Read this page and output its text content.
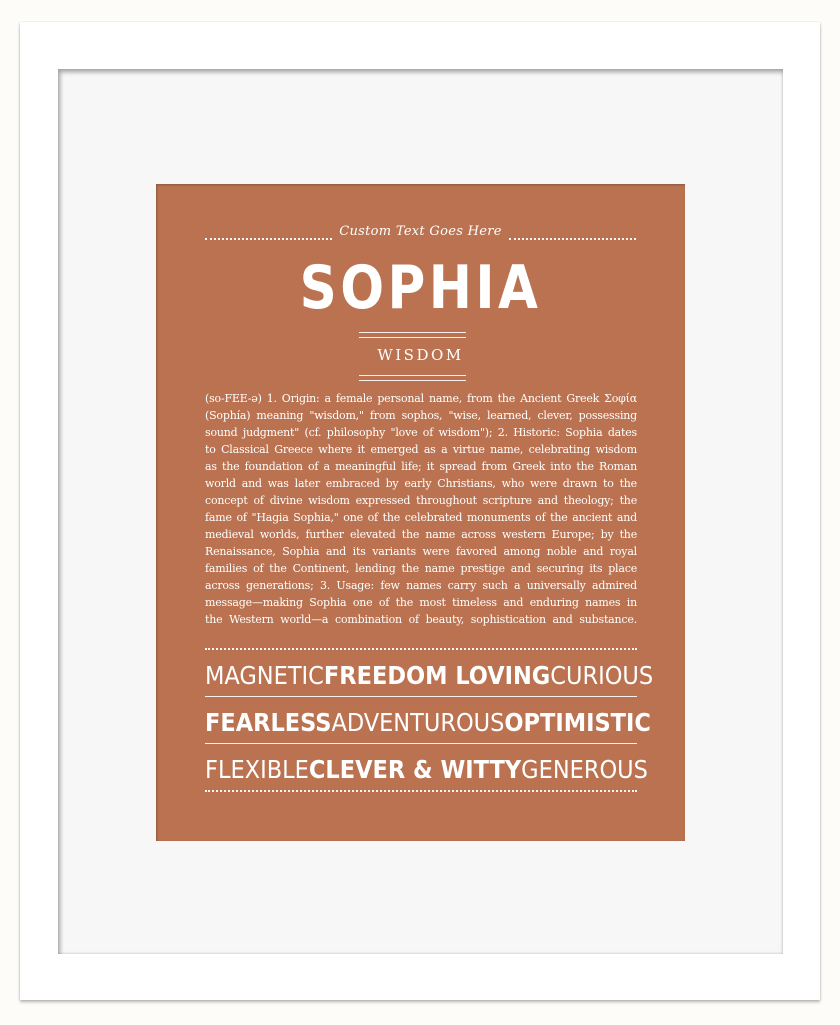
Custom Text Goes Here
SOPHIA
WISDOM

(so-FEE-ə) 1. Origin: a female personal name, from the Ancient Greek Σοφία

(Sophía) meaning "wisdom," from sophos, "wise, learned, clever, possessing

sound judgment" (cf. philosophy "love of wisdom"); 2. Historic: Sophia dates

to Classical Greece where it emerged as a virtue name, celebrating wisdom

as the foundation of a meaningful life; it spread from Greek into the Roman

world and was later embraced by early Christians, who were drawn to the

concept of divine wisdom expressed throughout scripture and theology; the

fame of "Hagia Sophia," one of the celebrated monuments of the ancient and

medieval worlds, further elevated the name across western Europe; by the

Renaissance, Sophia and its variants were favored among noble and royal

families of the Continent, lending the name prestige and securing its place

across generations; 3. Usage: few names carry such a universally admired

message—making Sophia one of the most timeless and enduring names in

the Western world—a combination of beauty, sophistication and substance.

MAGNETIC FREEDOM LOVING CURIOUS
FEARLESS ADVENTUROUS OPTIMISTIC
FLEXIBLE CLEVER & WITTY GENEROUS
